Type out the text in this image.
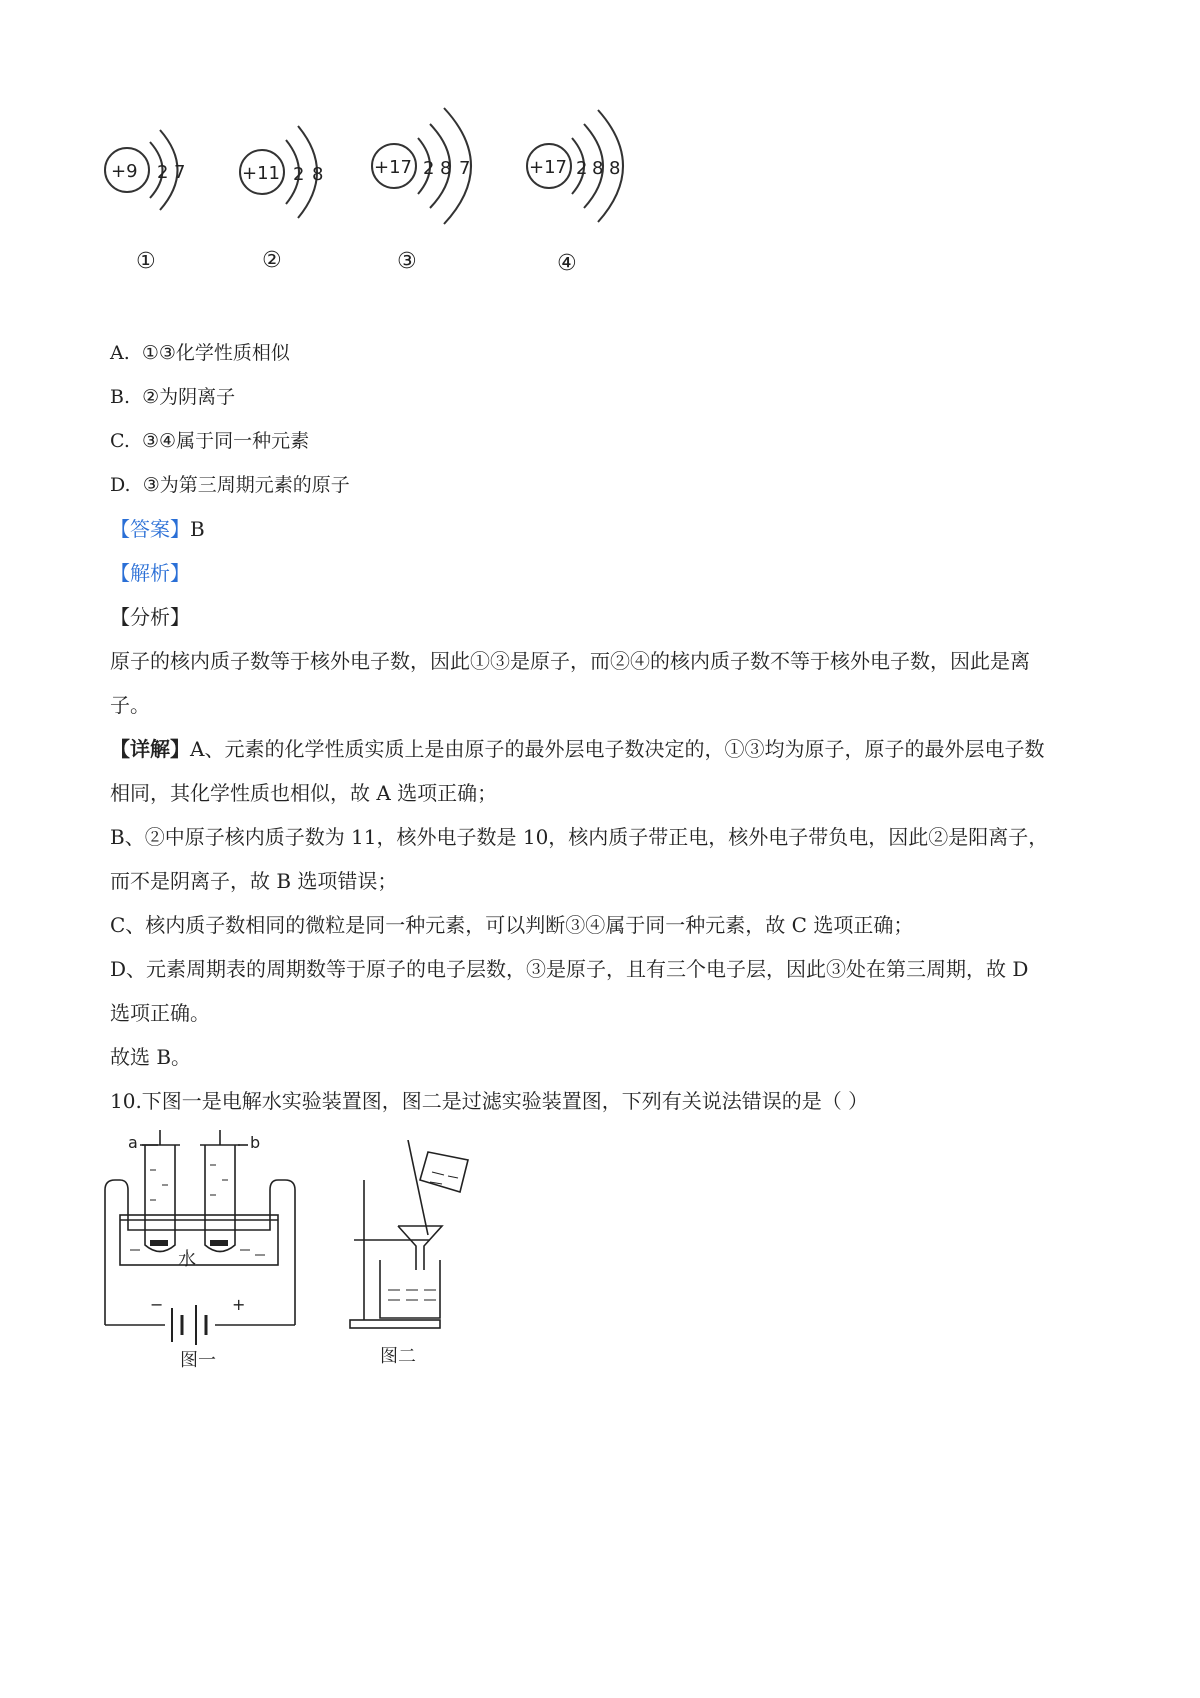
+9 2 7	+11 2 8	+17 2 8 7	+17 2 8 8
①	②	③	④
A. ①③化学性质相似
B. ②为阴离子
C. ③④属于同一种元素
D. ③为第三周期元素的原子
【答案】B
【解析】
【分析】
原子的核内质子数等于核外电子数，因此①③是原子，而②④的核内质子数不等于核外电子数，因此是离
子。
【详解】A、元素的化学性质实质上是由原子的最外层电子数决定的，①③均为原子，原子的最外层电子数
相同，其化学性质也相似，故 A 选项正确；
B、②中原子核内质子数为 11，核外电子数是 10，核内质子带正电，核外电子带负电，因此②是阳离子，
而不是阴离子，故 B 选项错误；
C、核内质子数相同的微粒是同一种元素，可以判断③④属于同一种元素，故 C 选项正确；
D、元素周期表的周期数等于原子的电子层数，③是原子，且有三个电子层，因此③处在第三周期，故 D
选项正确。
故选 B。
10.下图一是电解水实验装置图，图二是过滤实验装置图，下列有关说法错误的是（ ）
a	b
水
−	+
图一	图二
